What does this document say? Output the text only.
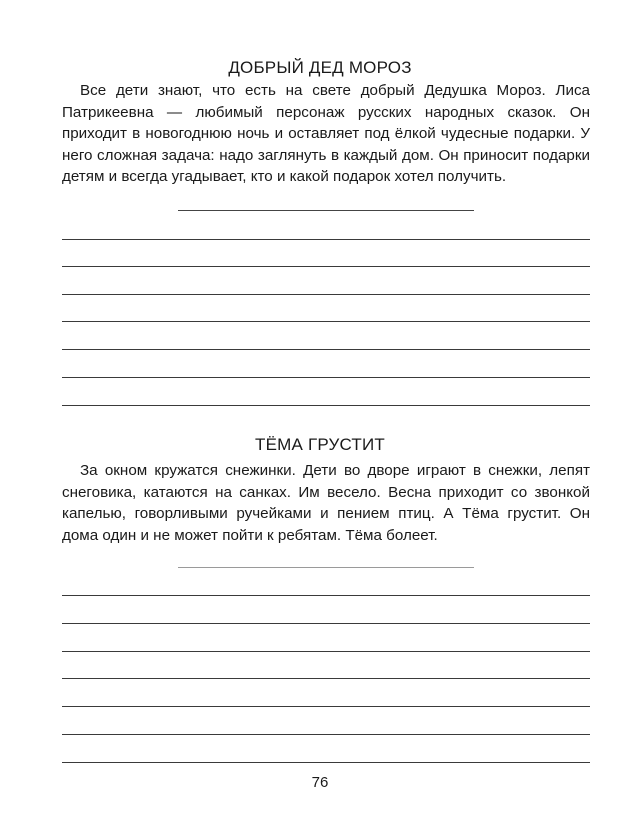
ДОБРЫЙ ДЕД МОРОЗ

Все дети знают, что есть на свете добрый Дедушка Мороз. Лиса Патрикеевна — любимый персонаж русских народных сказок. Он приходит в новогоднюю ночь и оставляет под ёлкой чудесные подарки. У него сложная задача: надо заглянуть в каждый дом. Он приносит подарки детям и всегда угадывает, кто и какой подарок хотел получить.

ТЁМА ГРУСТИТ

За окном кружатся снежинки. Дети во дворе играют в снежки, лепят снеговика, катаются на санках. Им весело. Весна приходит со звонкой капелью, говорливыми ручейками и пением птиц. А Тёма грустит. Он дома один и не может пойти к ребятам. Тёма болеет.

76
